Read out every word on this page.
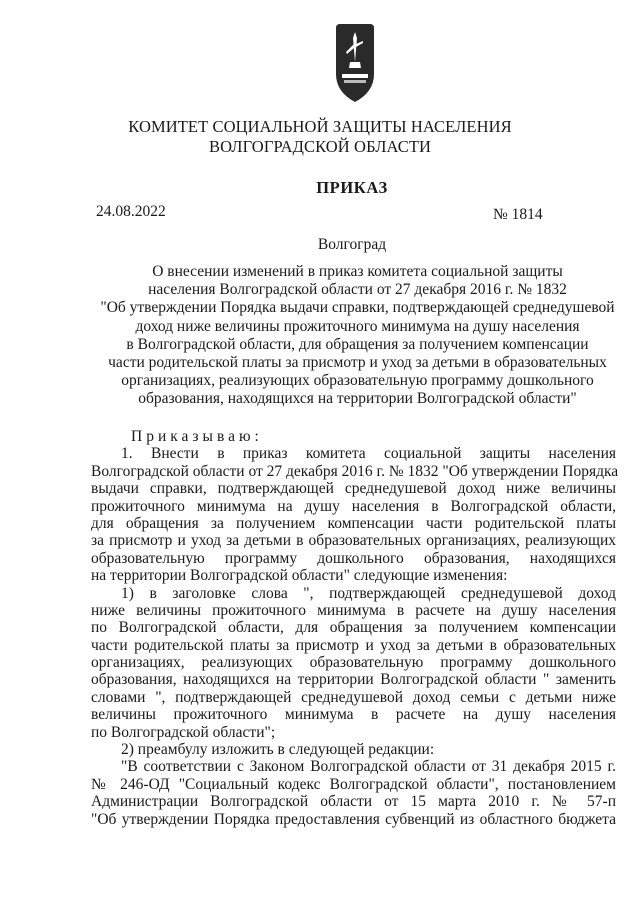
КОМИТЕТ СОЦИАЛЬНОЙ ЗАЩИТЫ НАСЕЛЕНИЯ
ВОЛГОГРАДСКОЙ ОБЛАСТИ
ПРИКАЗ
24.08.2022	№ 1814
Волгоград
О внесении изменений в приказ комитета социальной защиты
населения Волгоградской области от 27 декабря 2016 г. № 1832
"Об утверждении Порядка выдачи справки, подтверждающей среднедушевой
доход ниже величины прожиточного минимума на душу населения
в Волгоградской области, для обращения за получением компенсации
части родительской платы за присмотр и уход за детьми в образовательных
организациях, реализующих образовательную программу дошкольного
образования, находящихся на территории Волгоградской области"
Приказываю:
1. Внести в приказ комитета социальной защиты населения
Волгоградской области от 27 декабря 2016 г. № 1832 "Об утверждении Порядка
выдачи справки, подтверждающей среднедушевой доход ниже величины
прожиточного минимума на душу населения в Волгоградской области,
для обращения за получением компенсации части родительской платы
за присмотр и уход за детьми в образовательных организациях, реализующих
образовательную программу дошкольного образования, находящихся
на территории Волгоградской области" следующие изменения:
1) в заголовке слова ", подтверждающей среднедушевой доход
ниже величины прожиточного минимума в расчете на душу населения
по Волгоградской области, для обращения за получением компенсации
части родительской платы за присмотр и уход за детьми в образовательных
организациях, реализующих образовательную программу дошкольного
образования, находящихся на территории Волгоградской области " заменить
словами ", подтверждающей среднедушевой доход семьи с детьми ниже
величины прожиточного минимума в расчете на душу населения
по Волгоградской области";
2) преамбулу изложить в следующей редакции:
"В соответствии с Законом Волгоградской области от 31 декабря 2015 г.
№ 246-ОД "Социальный кодекс Волгоградской области", постановлением
Администрации Волгоградской области от 15 марта 2010 г. № 57-п
"Об утверждении Порядка предоставления субвенций из областного бюджета
